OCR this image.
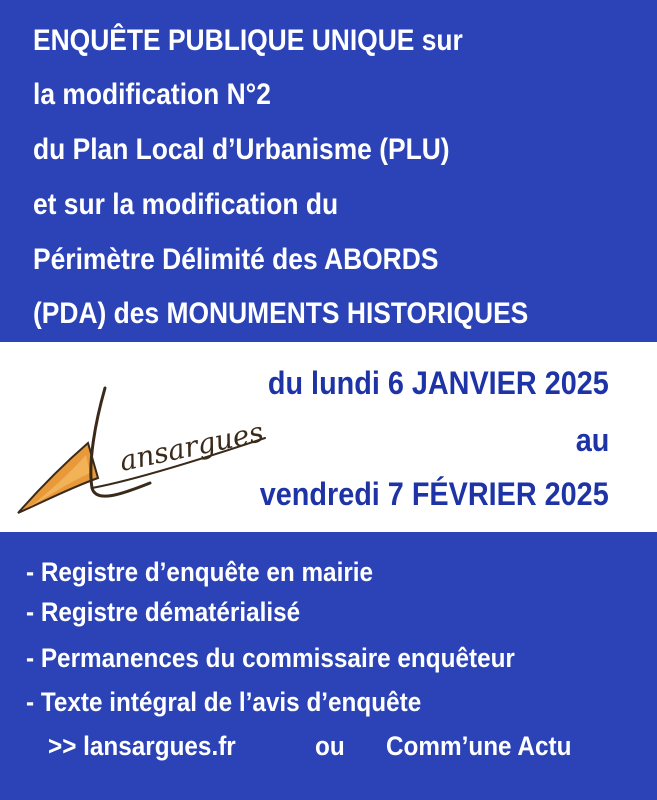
ENQUÊTE PUBLIQUE UNIQUE sur
la modification N°2
du Plan Local d’Urbanisme (PLU)
et sur la modification du
Périmètre Délimité des ABORDS
(PDA) des MONUMENTS HISTORIQUES
du lundi 6 JANVIER 2025
au
vendredi 7 FÉVRIER 2025
ansargues
- Registre d’enquête en mairie
- Registre dématérialisé
- Permanences du commissaire enquêteur
- Texte intégral de l’avis d’enquête
>> lansargues.fr	ou Comm’une Actu
